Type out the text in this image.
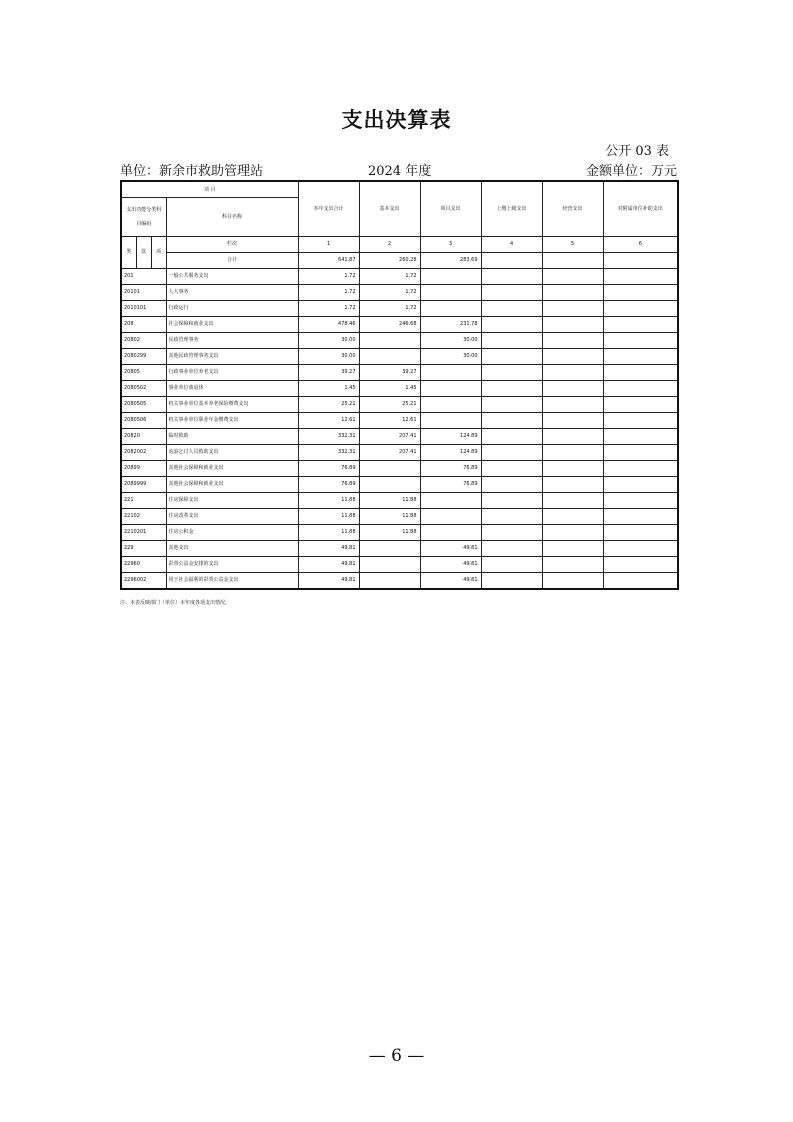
支出决算表
公开 03 表
单位：新余市救助管理站	2024 年度	金额单位：万元
项 目				本年支出合计	基本支出	项目支出	上缴上级支出	经营支出	对附属单位补助支出
支出功能分类科目编码			科目名称						

类	款	项	栏次	1	2	3	4	5	6
			合计	641.87	260.28	283.69			
201			一般公共服务支出	1.72	1.72				
20101			人大事务	1.72	1.72				
2010101			行政运行	1.72	1.72				
208			社会保障和就业支出	478.46	246.68	231.78			
20802			民政管理事务	30.00		30.00			
2080299			其他民政管理事务支出	30.00		30.00			
20805			行政事业单位养老支出	39.27	39.27				
2080502			事业单位离退休	1.45	1.45				
2080505			机关事业单位基本养老保险缴费支出	25.21	25.21				
2080506			机关事业单位职业年金缴费支出	12.61	12.61				
20820			临时救助	332.31	207.41	124.89			
2082002			流浪乞讨人员救助支出	332.31	207.41	124.89			
20899			其他社会保障和就业支出	76.89		76.89			
2089999			其他社会保障和就业支出	76.89		76.89			
221			住房保障支出	11.88	11.88				
22102			住房改革支出	11.88	11.88				
2210201			住房公积金	11.88	11.88				
229			其他支出	49.81		49.81			
22960			彩票公益金安排的支出	49.81		49.81			
2296002			用于社会福利的彩票公益金支出	49.81		49.81			
注：本表反映部门（单位）本年度各项支出情况。
— 6 —
